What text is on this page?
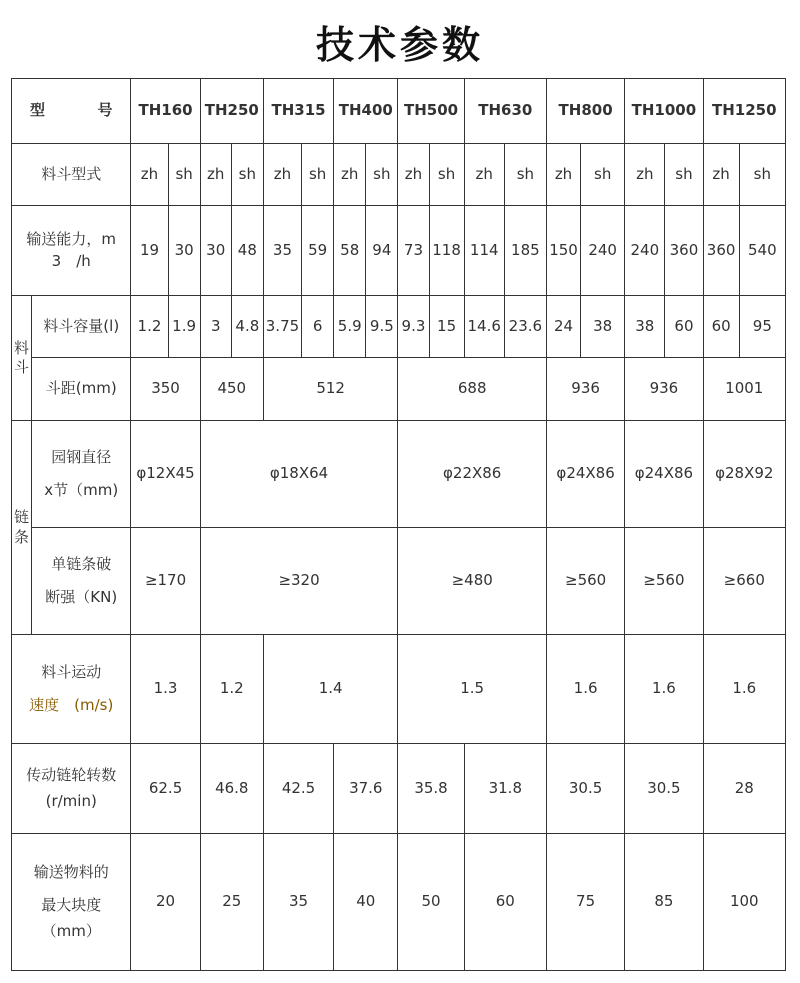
技术参数
型 号		TH160		TH250		TH315		TH400		TH500		TH630		TH800		TH1000		TH1250	
料斗型式		zh	sh	zh	sh	zh	sh	zh	sh	zh	sh	zh	sh	zh	sh	zh	sh	zh	sh

输送能力，m
3　/h		19	30	30	48	35	59	58	94	73	118	114	185	150	240	240	360	360	540
料斗	料斗容量(l)	1.2	1.9	3	4.8	3.75	6	5.9	9.5	9.3	15	14.6	23.6	24	38	38	60	60	95
	斗距(mm)	350		450		512				688				936		936		1001	
链条	园钢直径
x节（mm)	φ12X45		φ18X64						φ22X86				φ24X86		φ24X86		φ28X92	

	单链条破
断强（KN)	≥170		≥320						≥480				≥560		≥560		≥660	

料斗运动
速度　 (m/s)		1.3		1.2		1.4				1.5				1.6		1.6		1.6	

传动链轮转数
(r/min)		62.5		46.8		42.5		37.6		35.8		31.8		30.5		30.5		28	

输送物料的
最大块度
（mm）		20		25		35		40		50		60		75		85		100	
